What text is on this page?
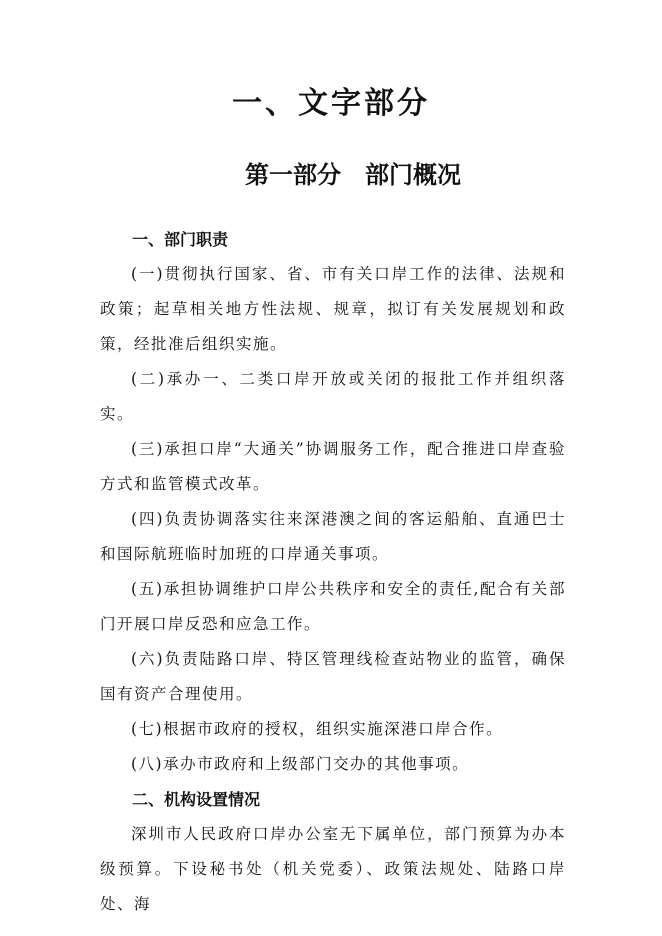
一、文字部分
第一部分　部门概况
一、部门职责

(一)贯彻执行国家、省、市有关口岸工作的法律、法规和政策；起草相关地方性法规、规章，拟订有关发展规划和政策，经批准后组织实施。

(二)承办一、二类口岸开放或关闭的报批工作并组织落实。

(三)承担口岸“大通关”协调服务工作，配合推进口岸查验方式和监管模式改革。

(四)负责协调落实往来深港澳之间的客运船舶、直通巴士和国际航班临时加班的口岸通关事项。

(五)承担协调维护口岸公共秩序和安全的责任,配合有关部门开展口岸反恐和应急工作。

(六)负责陆路口岸、特区管理线检查站物业的监管，确保国有资产合理使用。

(七)根据市政府的授权，组织实施深港口岸合作。

(八)承办市政府和上级部门交办的其他事项。

二、机构设置情况

深圳市人民政府口岸办公室无下属单位，部门预算为办本级预算。下设秘书处（机关党委）、政策法规处、陆路口岸处、海
